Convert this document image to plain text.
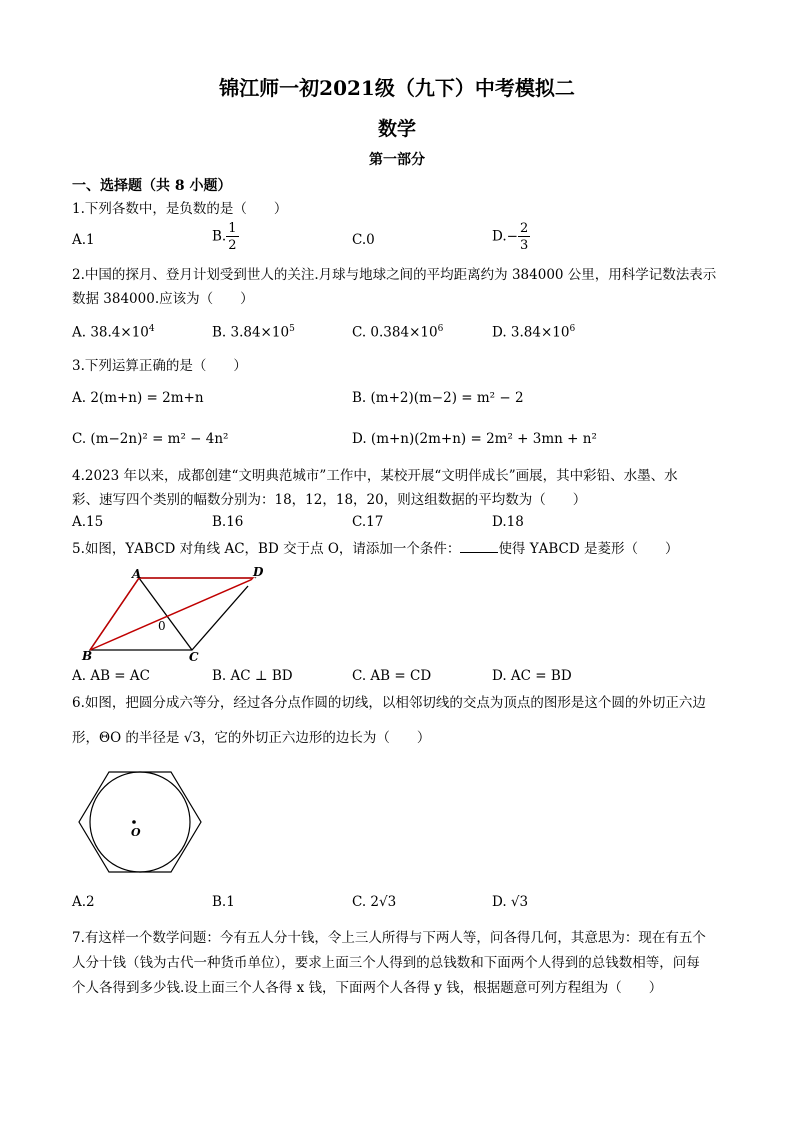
锦江师一初2021级（九下）中考模拟二
数学
第一部分
一、选择题（共 8 小题）
1.下列各数中，是负数的是（　　）
A.1	B. $\frac{1}{2}$	C.0	$D.- \frac{2}{3}$
2.中国的探月、登月计划受到世人的关注.月球与地球之间的平均距离约为 384000 公里，用科学记数法表示
数据 384000.应该为（　　）
A. $38.4\times 10^4$	B. $3.84\times 10^5$	C. $0.384\times 10^6$	D. $3.84\times 10^6$
3.下列运算正确的是（　　）
A. 2(m+n) = 2m+n	B. (m+2)(m−2) = m² − 2
C. (m−2n)² = m² − 4n²	D. (m+n)(2m+n) = 2m² + 3mn + n²
4.2023 年以来，成都创建“文明典范城市”工作中，某校开展“文明伴成长”画展，其中彩铅、水墨、水
彩、速写四个类别的幅数分别为：18，12，18，20，则这组数据的平均数为（　　）
A.15	B.16	C.17	D.18
5.如图，ΥABCD 对角线 AC，BD 交于点 O，请添加一个条件：	使得 ΥABCD 是菱形（　　）
A	D
B	C
0
A. AB = AC	B. AC ⊥ BD	C. AB = CD	D. AC = BD
6.如图，把圆分成六等分，经过各分点作圆的切线，以相邻切线的交点为顶点的图形是这个圆的外切正六边
形，ΘO 的半径是 √3，它的外切正六边形的边长为（　　）
O
A.2	B.1	C. 2√3	D. √3
7.有这样一个数学问题：今有五人分十钱，令上三人所得与下两人等，问各得几何，其意思为：现在有五个
人分十钱（钱为古代一种货币单位），要求上面三个人得到的总钱数和下面两个人得到的总钱数相等，问每
个人各得到多少钱.设上面三个人各得 x 钱，下面两个人各得 y 钱，根据题意可列方程组为（　　）
